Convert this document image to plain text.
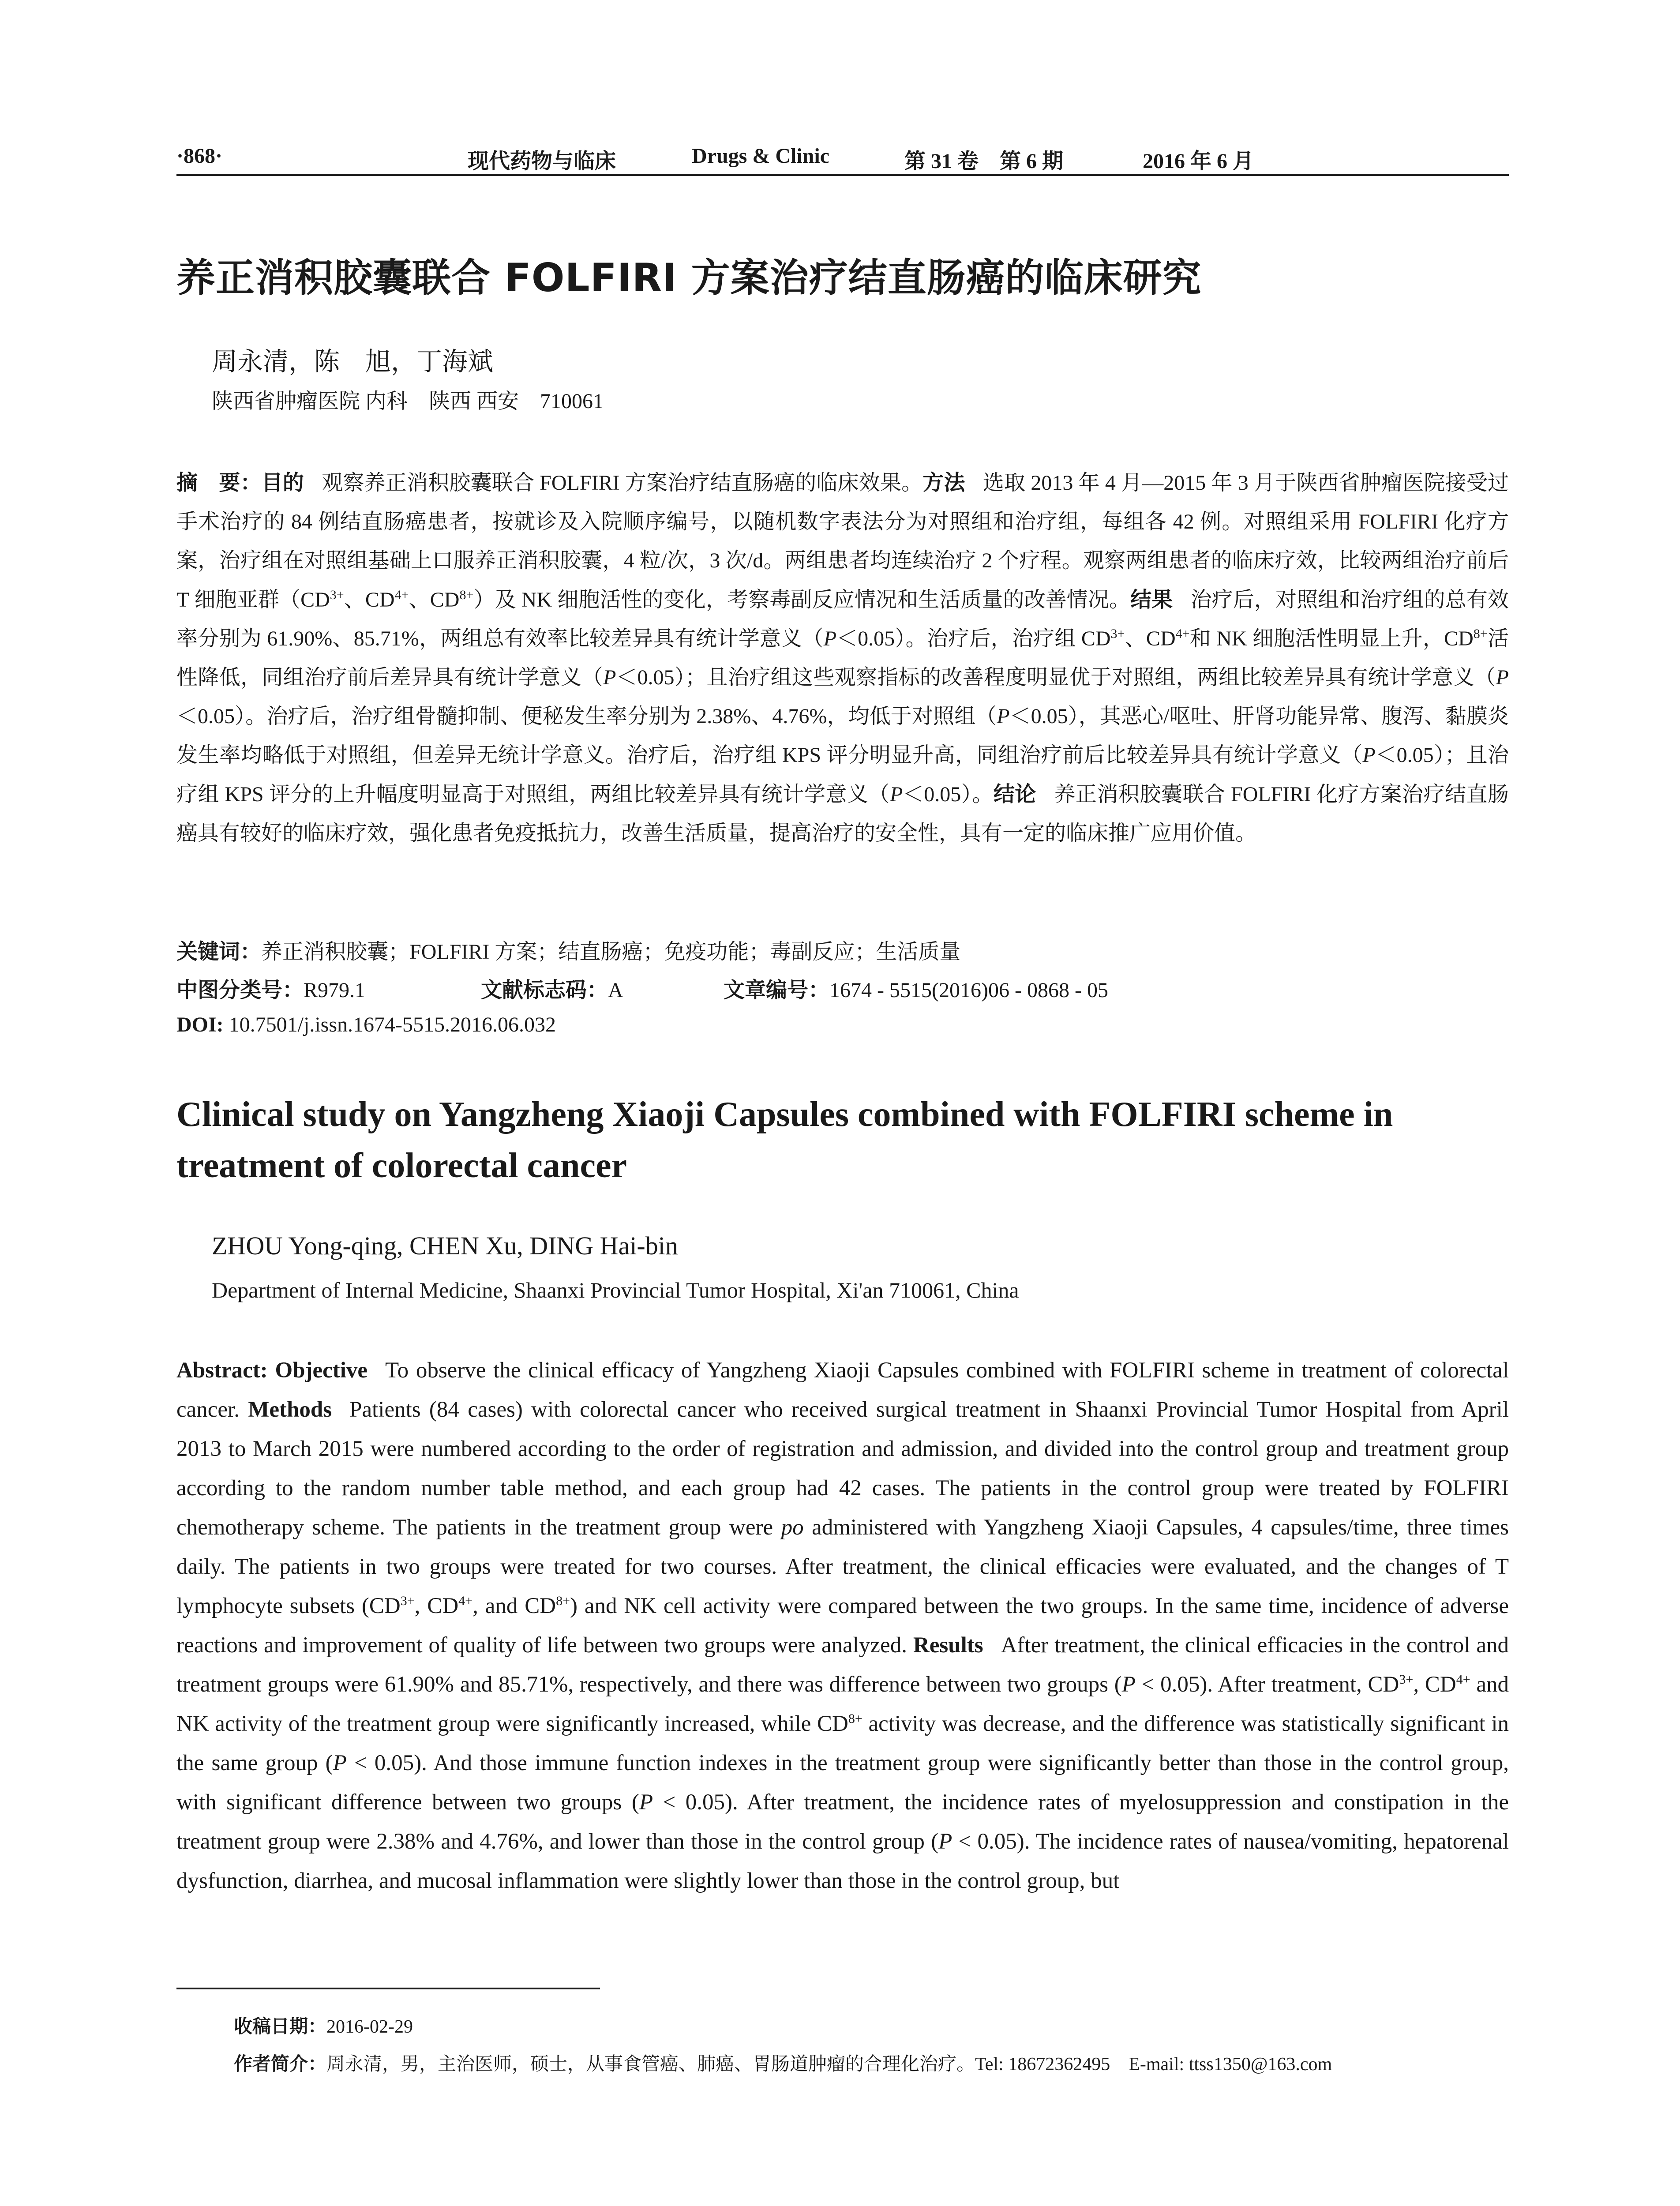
·868·	现代药物与临床	Drugs & Clinic	第 31 卷　第 6 期	2016 年 6 月
养正消积胶囊联合 FOLFIRI 方案治疗结直肠癌的临床研究
周永清，陈　旭，丁海斌
陕西省肿瘤医院 内科　陕西 西安　710061
摘　要：目的 观察养正消积胶囊联合 FOLFIRI 方案治疗结直肠癌的临床效果。方法 选取 2013 年 4 月—2015 年 3 月于陕西省肿瘤医院接受过手术治疗的 84 例结直肠癌患者，按就诊及入院顺序编号，以随机数字表法分为对照组和治疗组，每组各 42 例。对照组采用 FOLFIRI 化疗方案，治疗组在对照组基础上口服养正消积胶囊，4 粒/次，3 次/d。两组患者均连续治疗 2 个疗程。观察两组患者的临床疗效，比较两组治疗前后 T 细胞亚群（$CD^{3+}$、$CD^{4+}$、$CD^{8+}$）及 NK 细胞活性的变化，考察毒副反应情况和生活质量的改善情况。结果 治疗后，对照组和治疗组的总有效率分别为 61.90%、85.71%，两组总有效率比较差异具有统计学意义（P＜0.05）。治疗后，治疗组 $CD^{3+}$、$CD^{4+}$和 NK 细胞活性明显上升，$CD^{8+}$活性降低，同组治疗前后差异具有统计学意义（P＜0.05）；且治疗组这些观察指标的改善程度明显优于对照组，两组比较差异具有统计学意义（P＜0.05）。治疗后，治疗组骨髓抑制、便秘发生率分别为 2.38%、4.76%，均低于对照组（P＜0.05），其恶心/呕吐、肝肾功能异常、腹泻、黏膜炎发生率均略低于对照组，但差异无统计学意义。治疗后，治疗组 KPS 评分明显升高，同组治疗前后比较差异具有统计学意义（P＜0.05）；且治疗组 KPS 评分的上升幅度明显高于对照组，两组比较差异具有统计学意义（P＜0.05）。结论 养正消积胶囊联合 FOLFIRI 化疗方案治疗结直肠癌具有较好的临床疗效，强化患者免疫抵抗力，改善生活质量，提高治疗的安全性，具有一定的临床推广应用价值。
关键词：养正消积胶囊；FOLFIRI 方案；结直肠癌；免疫功能；毒副反应；生活质量
中图分类号：R979.1	文献标志码：A	文章编号：1674 - 5515(2016)06 - 0868 - 05
DOI: 10.7501/j.issn.1674-5515.2016.06.032
Clinical study on Yangzheng Xiaoji Capsules combined with FOLFIRI scheme in treatment of colorectal cancer
ZHOU Yong-qing, CHEN Xu, DING Hai-bin
Department of Internal Medicine, Shaanxi Provincial Tumor Hospital, Xi'an 710061, China
Abstract: Objective To observe the clinical efficacy of Yangzheng Xiaoji Capsules combined with FOLFIRI scheme in treatment of colorectal cancer. Methods Patients (84 cases) with colorectal cancer who received surgical treatment in Shaanxi Provincial Tumor Hospital from April 2013 to March 2015 were numbered according to the order of registration and admission, and divided into the control group and treatment group according to the random number table method, and each group had 42 cases. The patients in the control group were treated by FOLFIRI chemotherapy scheme. The patients in the treatment group were po administered with Yangzheng Xiaoji Capsules, 4 capsules/time, three times daily. The patients in two groups were treated for two courses. After treatment, the clinical efficacies were evaluated, and the changes of T lymphocyte subsets ($CD^{3+}$, $CD^{4+}$, and $CD^{8+}$) and NK cell activity were compared between the two groups. In the same time, incidence of adverse reactions and improvement of quality of life between two groups were analyzed. Results After treatment, the clinical efficacies in the control and treatment groups were 61.90% and 85.71%, respectively, and there was difference between two groups (P < 0.05). After treatment, $CD^{3+}$, $CD^{4+}$ and NK activity of the treatment group were significantly increased, while $CD^{8+}$ activity was decrease, and the difference was statistically significant in the same group (P < 0.05). And those immune function indexes in the treatment group were significantly better than those in the control group, with significant difference between two groups (P < 0.05). After treatment, the incidence rates of myelosuppression and constipation in the treatment group were 2.38% and 4.76%, and lower than those in the control group (P < 0.05). The incidence rates of nausea/vomiting, hepatorenal dysfunction, diarrhea, and mucosal inflammation were slightly lower than those in the control group, but
收稿日期：2016-02-29
作者简介：周永清，男，主治医师，硕士，从事食管癌、肺癌、胃肠道肿瘤的合理化治疗。Tel: 18672362495　E-mail: ttss1350@163.com
